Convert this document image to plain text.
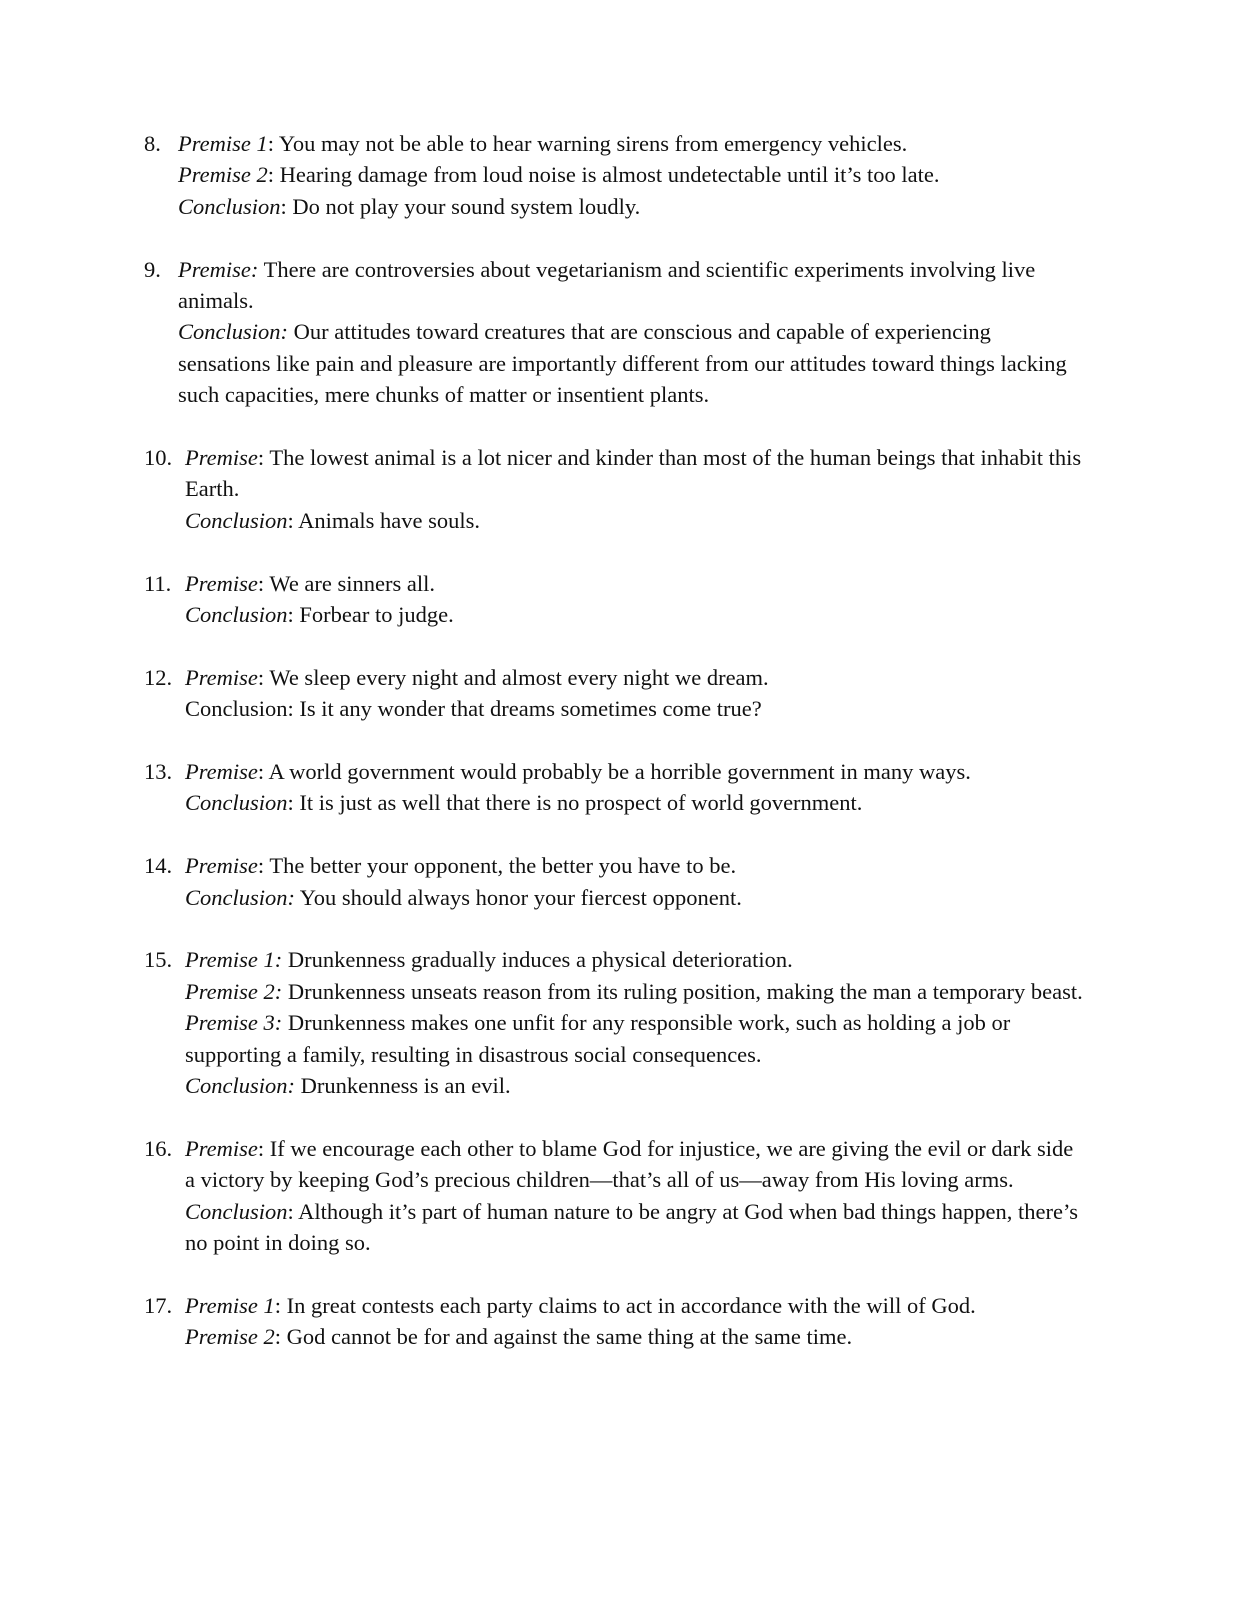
8. Premise 1: You may not be able to hear warning sirens from emergency vehicles.
Premise 2: Hearing damage from loud noise is almost undetectable until it’s too late.
Conclusion: Do not play your sound system loudly.
9. Premise: There are controversies about vegetarianism and scientific experiments involving live animals.
Conclusion: Our attitudes toward creatures that are conscious and capable of experiencing sensations like pain and pleasure are importantly different from our attitudes toward things lacking such capacities, mere chunks of matter or insentient plants.
10. Premise: The lowest animal is a lot nicer and kinder than most of the human beings that inhabit this Earth.
Conclusion: Animals have souls.
11. Premise: We are sinners all.
Conclusion: Forbear to judge.
12. Premise: We sleep every night and almost every night we dream.
Conclusion: Is it any wonder that dreams sometimes come true?
13. Premise: A world government would probably be a horrible government in many ways.
Conclusion: It is just as well that there is no prospect of world government.
14. Premise: The better your opponent, the better you have to be.
Conclusion: You should always honor your fiercest opponent.
15. Premise 1: Drunkenness gradually induces a physical deterioration.
Premise 2: Drunkenness unseats reason from its ruling position, making the man a temporary beast.
Premise 3: Drunkenness makes one unfit for any responsible work, such as holding a job or supporting a family, resulting in disastrous social consequences.
Conclusion: Drunkenness is an evil.
16. Premise: If we encourage each other to blame God for injustice, we are giving the evil or dark side a victory by keeping God’s precious children—that’s all of us—away from His loving arms.
Conclusion: Although it’s part of human nature to be angry at God when bad things happen, there’s no point in doing so.
17. Premise 1: In great contests each party claims to act in accordance with the will of God.
Premise 2: God cannot be for and against the same thing at the same time.
